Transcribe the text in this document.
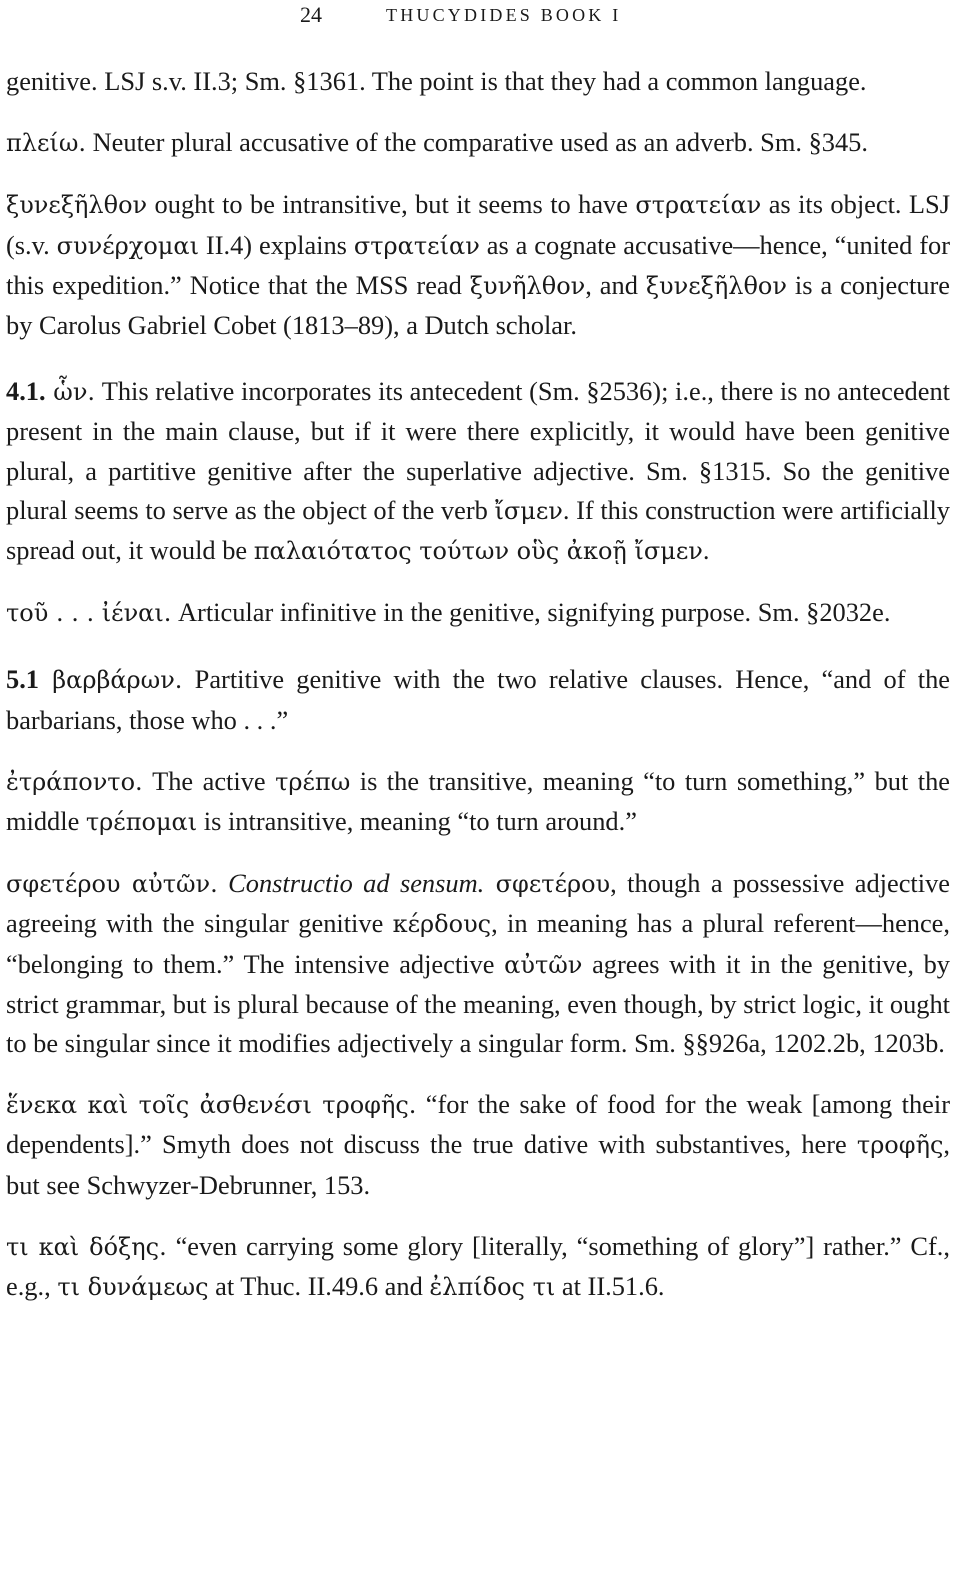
24	THUCYDIDES BOOK I

genitive. LSJ s.v. II.3; Sm. §1361. The point is that they had a common language.

πλείω. Neuter plural accusative of the comparative used as an adverb. Sm. §345.

ξυνεξῆλθον ought to be intransitive, but it seems to have στρατείαν as its object. LSJ (s.v. συνέρχομαι II.4) explains στρατείαν as a cognate accusative—hence, “united for this expedition.” Notice that the MSS read ξυνῆλθον, and ξυνεξῆλθον is a conjecture by Carolus Gabriel Cobet (1813–89), a Dutch scholar.

4.1. ὧν. This relative incorporates its antecedent (Sm. §2536); i.e., there is no antecedent present in the main clause, but if it were there explicitly, it would have been genitive plural, a partitive genitive after the superlative adjective. Sm. §1315. So the genitive plural seems to serve as the object of the verb ἴσμεν. If this construction were artificially spread out, it would be παλαιότατος τούτων οὓς ἀκοῇ ἴσμεν.

τοῦ . . . ἰέναι. Articular infinitive in the genitive, signifying purpose. Sm. §2032e.

5.1 βαρβάρων. Partitive genitive with the two relative clauses. Hence, “and of the barbarians, those who . . .”

ἐτράποντο. The active τρέπω is the transitive, meaning “to turn something,” but the middle τρέπομαι is intransitive, meaning “to turn around.”

σφετέρου αὐτῶν. Constructio ad sensum. σφετέρου, though a possessive adjective agreeing with the singular genitive κέρδους, in meaning has a plural referent—hence, “belonging to them.” The intensive adjective αὐτῶν agrees with it in the genitive, by strict grammar, but is plural because of the meaning, even though, by strict logic, it ought to be singular since it modifies adjectively a singular form. Sm. §§926a, 1202.2b, 1203b.

ἕνεκα καὶ τοῖς ἀσθενέσι τροφῆς. “for the sake of food for the weak [among their dependents].” Smyth does not discuss the true dative with substantives, here τροφῆς, but see Schwyzer-Debrunner, 153.

τι καὶ δόξης. “even carrying some glory [literally, “something of glory”] rather.” Cf., e.g., τι δυνάμεως at Thuc. II.49.6 and ἐλπίδος τι at II.51.6.
